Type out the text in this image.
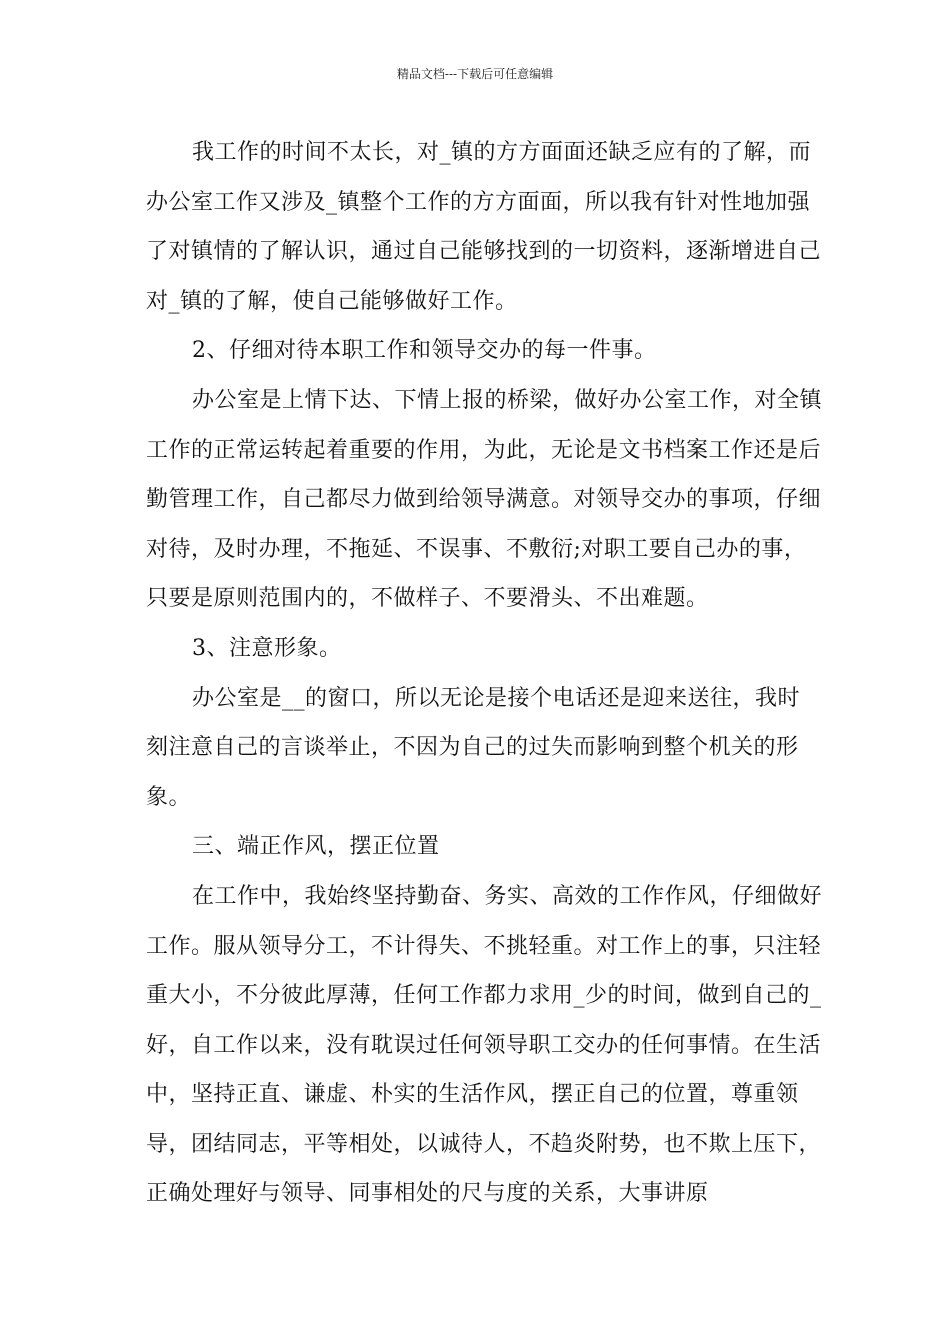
精品文档---下载后可任意编辑

我工作的时间不太长，对_镇的方方面面还缺乏应有的了解，而办公室工作又涉及_镇整个工作的方方面面，所以我有针对性地加强了对镇情的了解认识，通过自己能够找到的一切资料，逐渐增进自己对_镇的了解，使自己能够做好工作。

2、仔细对待本职工作和领导交办的每一件事。

办公室是上情下达、下情上报的桥梁，做好办公室工作，对全镇工作的正常运转起着重要的作用，为此，无论是文书档案工作还是后勤管理工作，自己都尽力做到给领导满意。对领导交办的事项，仔细对待，及时办理，不拖延、不误事、不敷衍;对职工要自己办的事，只要是原则范围内的，不做样子、不要滑头、不出难题。

3、注意形象。

办公室是__的窗口，所以无论是接个电话还是迎来送往，我时刻注意自己的言谈举止，不因为自己的过失而影响到整个机关的形象。

三、端正作风，摆正位置

在工作中，我始终坚持勤奋、务实、高效的工作作风，仔细做好工作。服从领导分工，不计得失、不挑轻重。对工作上的事，只注轻重大小，不分彼此厚薄，任何工作都力求用_少的时间，做到自己的_好，自工作以来，没有耽误过任何领导职工交办的任何事情。在生活中，坚持正直、谦虚、朴实的生活作风，摆正自己的位置，尊重领导，团结同志，平等相处，以诚待人，不趋炎附势，也不欺上压下，正确处理好与领导、同事相处的尺与度的关系，大事讲原
